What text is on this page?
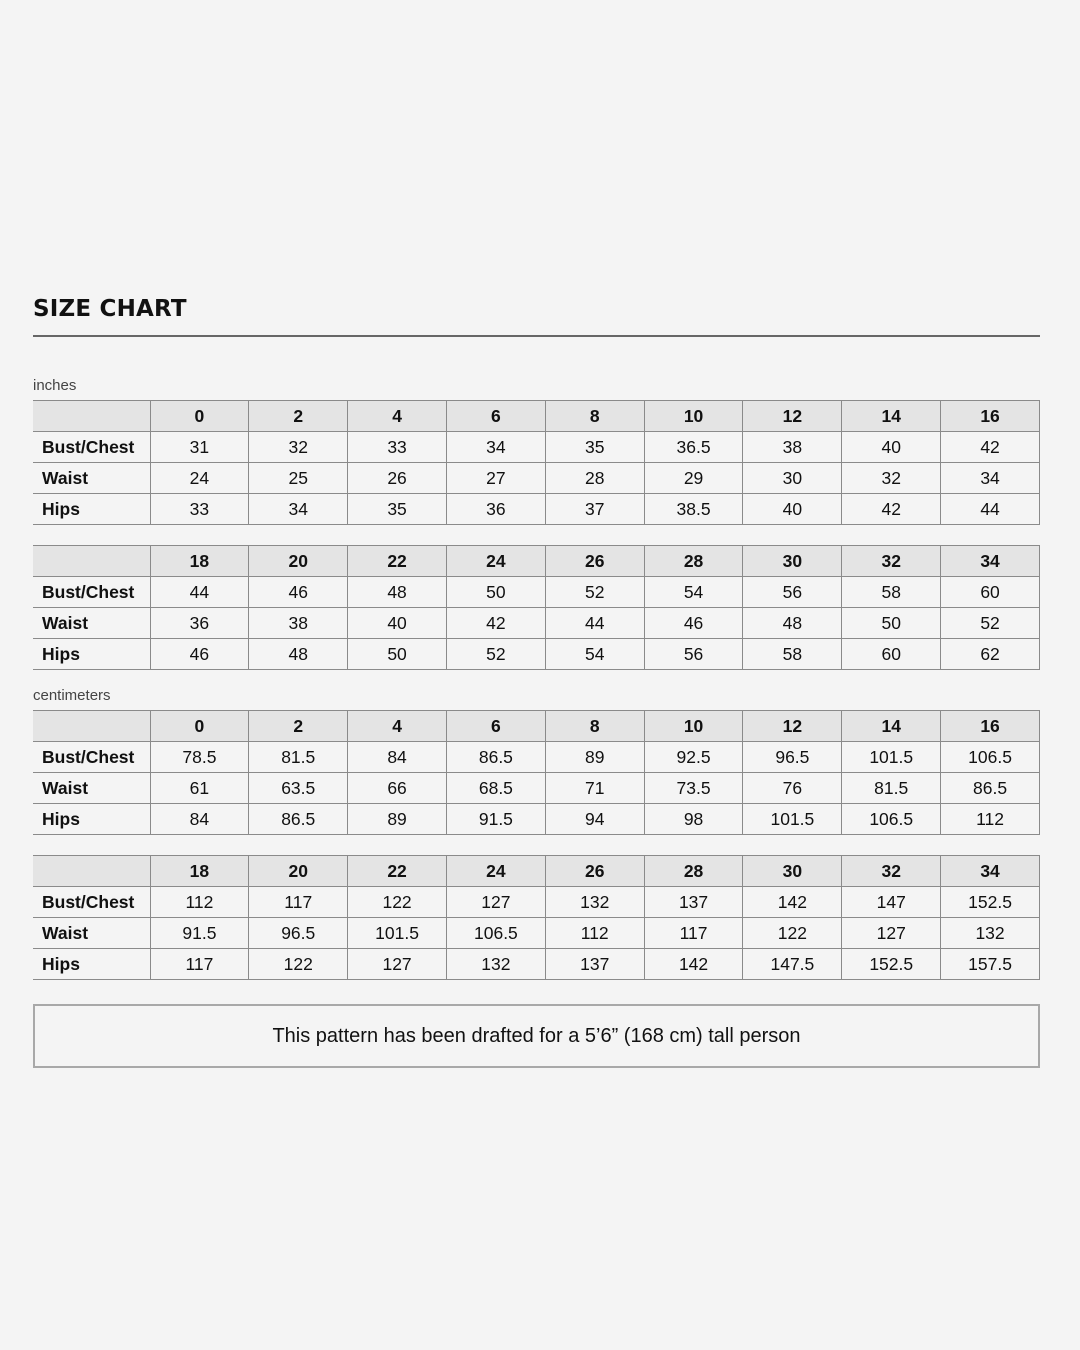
SIZE CHART
inches
	0	2	4	6	8	10	12	14	16
Bust/Chest	31	32	33	34	35	36.5	38	40	42
Waist	24	25	26	27	28	29	30	32	34
Hips	33	34	35	36	37	38.5	40	42	44
	18	20	22	24	26	28	30	32	34
Bust/Chest	44	46	48	50	52	54	56	58	60
Waist	36	38	40	42	44	46	48	50	52
Hips	46	48	50	52	54	56	58	60	62
centimeters
	0	2	4	6	8	10	12	14	16
Bust/Chest	78.5	81.5	84	86.5	89	92.5	96.5	101.5	106.5
Waist	61	63.5	66	68.5	71	73.5	76	81.5	86.5
Hips	84	86.5	89	91.5	94	98	101.5	106.5	112
	18	20	22	24	26	28	30	32	34
Bust/Chest	112	117	122	127	132	137	142	147	152.5
Waist	91.5	96.5	101.5	106.5	112	117	122	127	132
Hips	117	122	127	132	137	142	147.5	152.5	157.5
This pattern has been drafted for a 5’6” (168 cm) tall person
